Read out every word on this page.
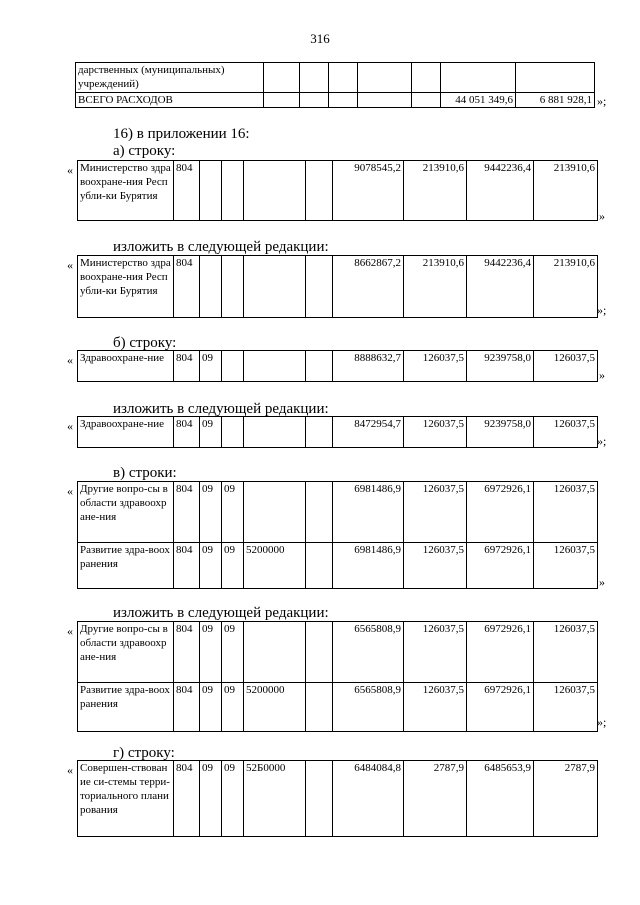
316
дарственных (муниципальных) учреждений)							
ВСЕГО РАСХОДОВ						44 051 349,6	6 881 928,1 »;
16) в приложении 16:
а) строку:
« Министерство здравоохране-ния Республи-ки Бурятия	804					9078545,2	213910,6	9442236,4	213910,6
»
изложить в следующей редакции:
« Министерство здравоохране-ния Республи-ки Бурятия	804					8662867,2	213910,6	9442236,4	213910,6
»;
б) строку:
« Здравоохране-ние	804	09				8888632,7	126037,5	9239758,0	126037,5
»
изложить в следующей редакции:
« Здравоохране-ние	804	09				8472954,7	126037,5	9239758,0	126037,5
»;
в) строки:
« Другие вопро-сы в области здравоохране-ния	804	09	09			6981486,9	126037,5	6972926,1	126037,5
Развитие здра-воохранения	804	09	09	5200000		6981486,9	126037,5	6972926,1	126037,5
»
изложить в следующей редакции:
« Другие вопро-сы в области здравоохране-ния	804	09	09			6565808,9	126037,5	6972926,1	126037,5
Развитие здра-воохранения	804	09	09	5200000		6565808,9	126037,5	6972926,1	126037,5
»;
г) строку:
« Совершен-ствование си-стемы терри-ториального планирования	804	09	09	52Б0000		6484084,8	2787,9	6485653,9	2787,9
